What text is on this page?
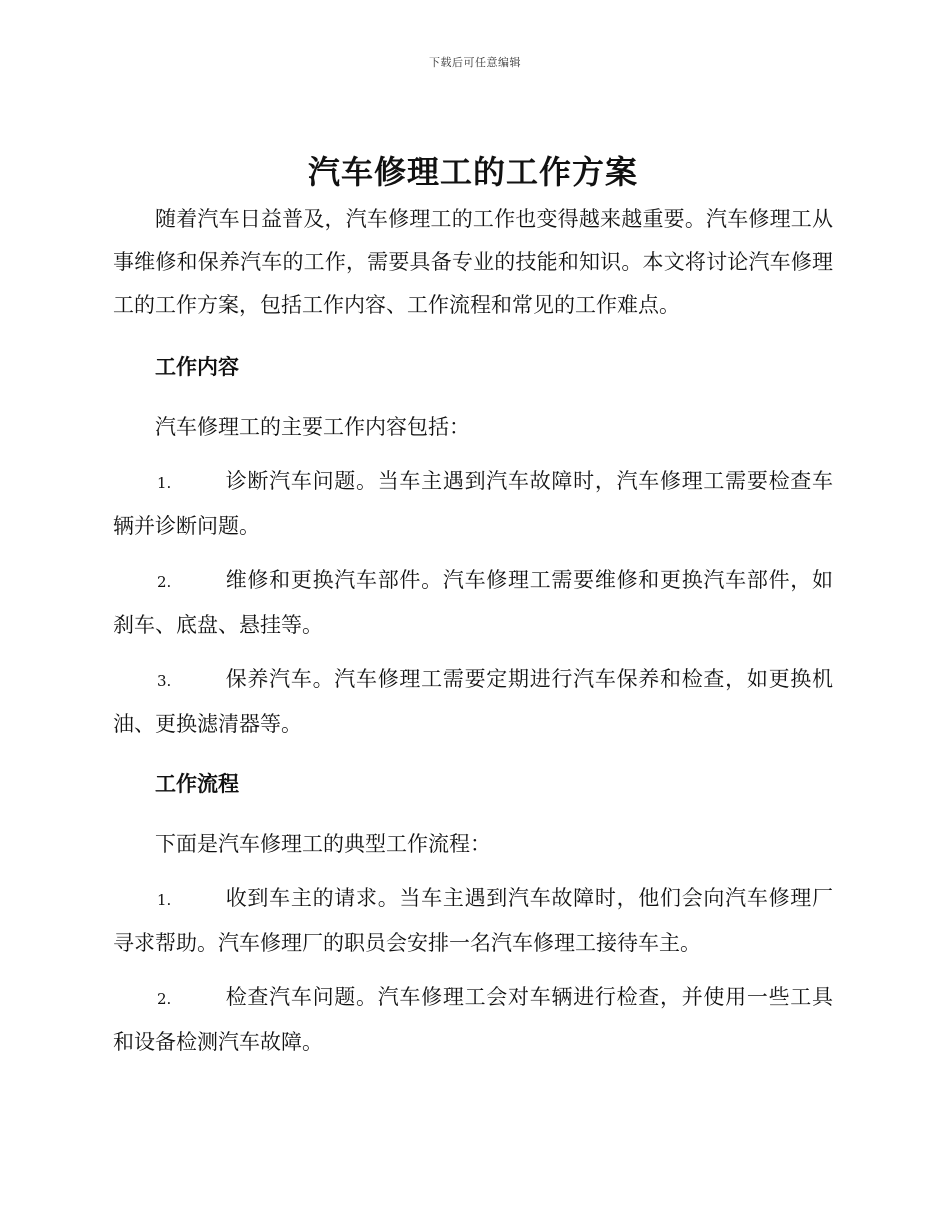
下载后可任意编辑
汽车修理工的工作方案

随着汽车日益普及，汽车修理工的工作也变得越来越重要。汽车修理工从事维修和保养汽车的工作，需要具备专业的技能和知识。本文将讨论汽车修理工的工作方案，包括工作内容、工作流程和常见的工作难点。

工作内容

汽车修理工的主要工作内容包括：

1.	诊断汽车问题。当车主遇到汽车故障时，汽车修理工需要检查车辆并诊断问题。

2.	维修和更换汽车部件。汽车修理工需要维修和更换汽车部件，如刹车、底盘、悬挂等。

3.	保养汽车。汽车修理工需要定期进行汽车保养和检查，如更换机油、更换滤清器等。

工作流程

下面是汽车修理工的典型工作流程：

1.	收到车主的请求。当车主遇到汽车故障时，他们会向汽车修理厂寻求帮助。汽车修理厂的职员会安排一名汽车修理工接待车主。

2.	检查汽车问题。汽车修理工会对车辆进行检查，并使用一些工具和设备检测汽车故障。
